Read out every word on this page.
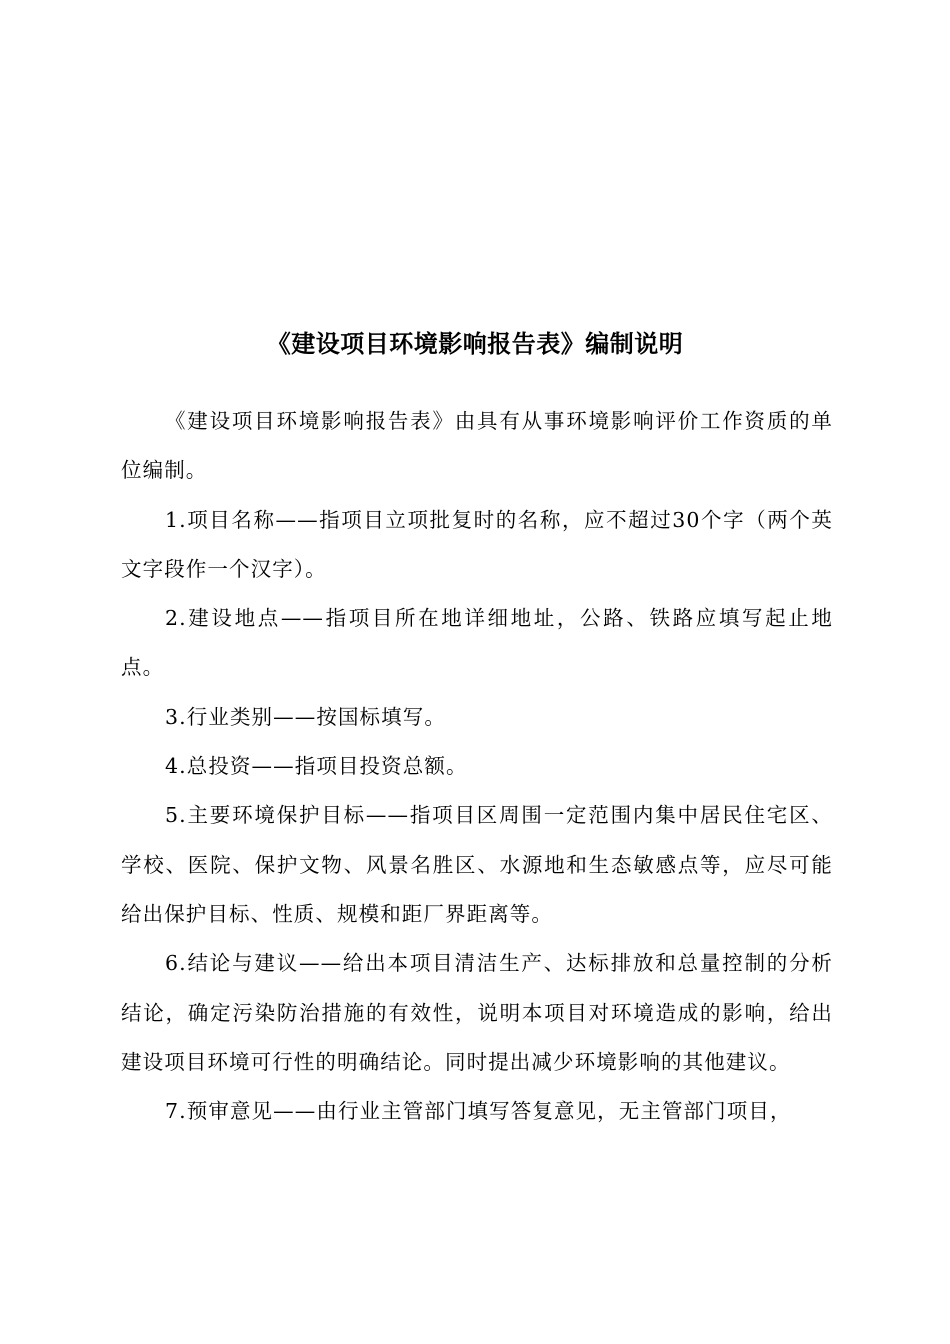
《建设项目环境影响报告表》编制说明

《建设项目环境影响报告表》由具有从事环境影响评价工作资质的单位编制。

1.项目名称——指项目立项批复时的名称，应不超过30个字（两个英文字段作一个汉字）。

2.建设地点——指项目所在地详细地址，公路、铁路应填写起止地点。

3.行业类别——按国标填写。

4.总投资——指项目投资总额。

5.主要环境保护目标——指项目区周围一定范围内集中居民住宅区、学校、医院、保护文物、风景名胜区、水源地和生态敏感点等，应尽可能给出保护目标、性质、规模和距厂界距离等。

6.结论与建议——给出本项目清洁生产、达标排放和总量控制的分析结论，确定污染防治措施的有效性，说明本项目对环境造成的影响，给出建设项目环境可行性的明确结论。同时提出减少环境影响的其他建议。

7.预审意见——由行业主管部门填写答复意见，无主管部门项目，
